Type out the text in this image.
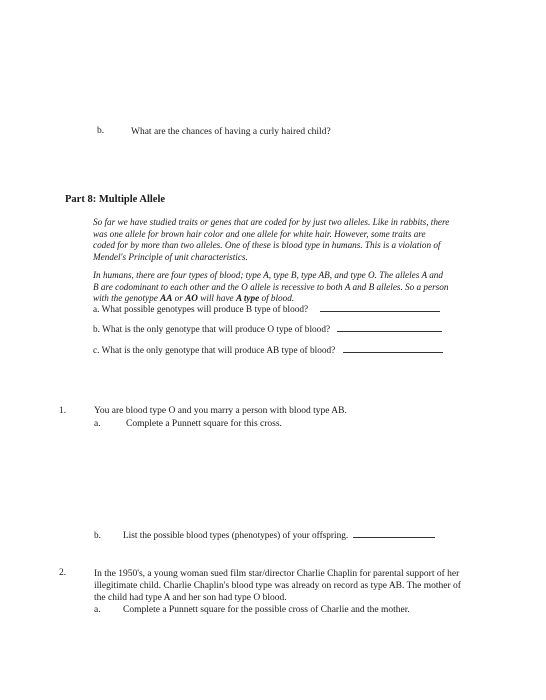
b.	What are the chances of having a curly haired child?
Part 8: Multiple Allele
So far we have studied traits or genes that are coded for by just two alleles. Like in rabbits, there
was one allele for brown hair color and one allele for white hair. However, some traits are
coded for by more than two alleles. One of these is blood type in humans. This is a violation of
Mendel's Principle of unit characteristics.
In humans, there are four types of blood; type A, type B, type AB, and type O. The alleles A and
B are codominant to each other and the O allele is recessive to both A and B alleles. So a person
with the genotype AA or AO will have A type of blood.
a. What possible genotypes will produce B type of blood?
b. What is the only genotype that will produce O type of blood?
c. What is the only genotype that will produce AB type of blood?
1.	You are blood type O and you marry a person with blood type AB.
a.	Complete a Punnett square for this cross.
b. List the possible blood types (phenotypes) of your offspring.
2.	In the 1950's, a young woman sued film star/director Charlie Chaplin for parental support of her
illegitimate child. Charlie Chaplin's blood type was already on record as type AB. The mother of
the child had type A and her son had type O blood.
a. Complete a Punnett square for the possible cross of Charlie and the mother.
